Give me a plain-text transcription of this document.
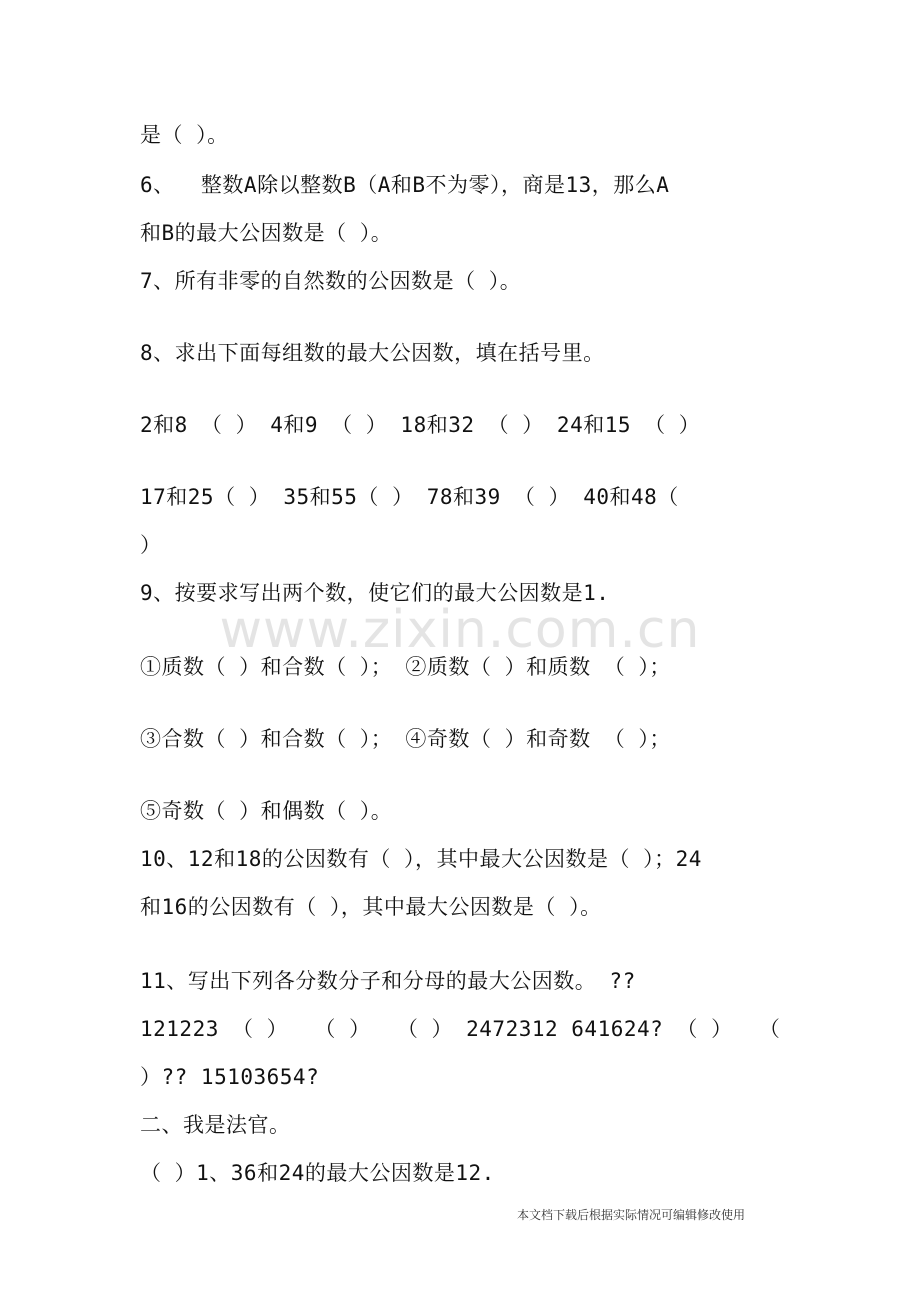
www.zixin.com.cn
是（ ）。
6、  整数A除以整数B（A和B不为零），商是13，那么A
和B的最大公因数是（ ）。
7、所有非零的自然数的公因数是（ ）。
8、求出下面每组数的最大公因数，填在括号里。
2和8 （ ） 4和9 （ ） 18和32 （ ） 24和15 （ ）
17和25（ ） 35和55（ ） 78和39 （ ） 40和48（
）
9、按要求写出两个数，使它们的最大公因数是1.
①质数（ ）和合数（ ）； ②质数（ ）和质数 （ ）；
③合数（ ）和合数（ ）； ④奇数（ ）和奇数 （ ）；
⑤奇数（ ）和偶数（ ）。
10、12和18的公因数有（ ），其中最大公因数是（ ）；24
和16的公因数有（ ），其中最大公因数是（ ）。
11、写出下列各分数分子和分母的最大公因数。 ??
121223 （ ）  （ ）  （ ） 2472312 641624? （ ）  （
）?? 15103654?
二、我是法官。
（ ）1、36和24的最大公因数是12.
本文档下载后根据实际情况可编辑修改使用
